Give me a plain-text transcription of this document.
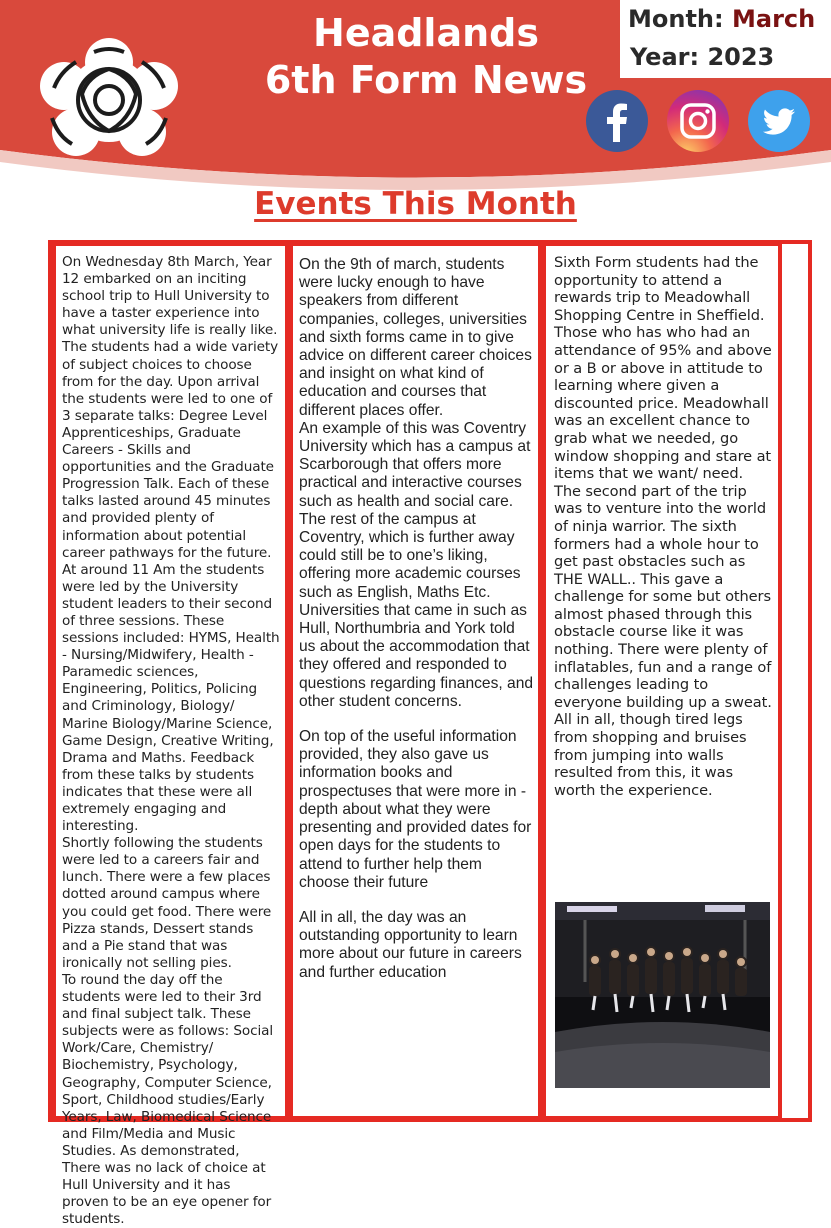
Headlands
6th Form News
Month: March
Year: 2023
Events This Month

On Wednesday 8th March, Year 12 embarked on an inciting school trip to Hull University to have a taster experience into what university life is really like. The students had a wide variety of subject choices to choose from for the day. Upon arrival the students were led to one of 3 separate talks: Degree Level Apprenticeships, Graduate Careers - Skills and opportunities and the Graduate Progression Talk. Each of these talks lasted around 45 minutes and provided plenty of information about potential career pathways for the future. At around 11 Am the students were led by the University student leaders to their second of three sessions. These sessions included: HYMS, Health - Nursing/Midwifery, Health - Paramedic sciences, Engineering, Politics, Policing and Criminology, Biology/ Marine Biology/Marine Science, Game Design, Creative Writing, Drama and Maths. Feedback from these talks by students indicates that these were all extremely engaging and interesting.
Shortly following the students were led to a careers fair and lunch. There were a few places dotted around campus where you could get food. There were Pizza stands, Dessert stands and a Pie stand that was ironically not selling pies.
To round the day off the students were led to their 3rd and final subject talk. These subjects were as follows: Social Work/Care, Chemistry/ Biochemistry, Psychology, Geography, Computer Science, Sport, Childhood studies/Early Years, Law, Biomedical Science and Film/Media and Music Studies. As demonstrated, There was no lack of choice at Hull University and it has proven to be an eye opener for students.

On the 9th of march, students were lucky enough to have speakers from different companies, colleges, universities and sixth forms came in to give advice on different career choices and insight on what kind of education and courses that different places offer.
An example of this was Coventry University which has a campus at Scarborough that offers more practical and interactive courses such as health and social care.
The rest of the campus at Coventry, which is further away could still be to one’s liking, offering more academic courses such as English, Maths Etc.
Universities that came in such as Hull, Northumbria and York told us about the accommodation that they offered and responded to questions regarding finances, and other student concerns.

On top of the useful information provided, they also gave us information books and prospectuses that were more in -depth about what they were presenting and provided dates for open days for the students to attend to further help them choose their future

All in all, the day was an outstanding opportunity to learn more about our future in careers and further education

Sixth Form students had the opportunity to attend a rewards trip to Meadowhall Shopping Centre in Sheffield. Those who has who had an attendance of 95% and above or a B or above in attitude to learning where given a discounted price. Meadowhall was an excellent chance to grab what we needed, go window shopping and stare at items that we want/ need.

The second part of the trip was to venture into the world of ninja warrior. The sixth formers had a whole hour to get past obstacles such as THE WALL.. This gave a challenge for some but others almost phased through this obstacle course like it was nothing. There were plenty of inflatables, fun and a range of challenges leading to everyone building up a sweat. All in all, though tired legs from shopping and bruises from jumping into walls resulted from this, it was worth the experience.
